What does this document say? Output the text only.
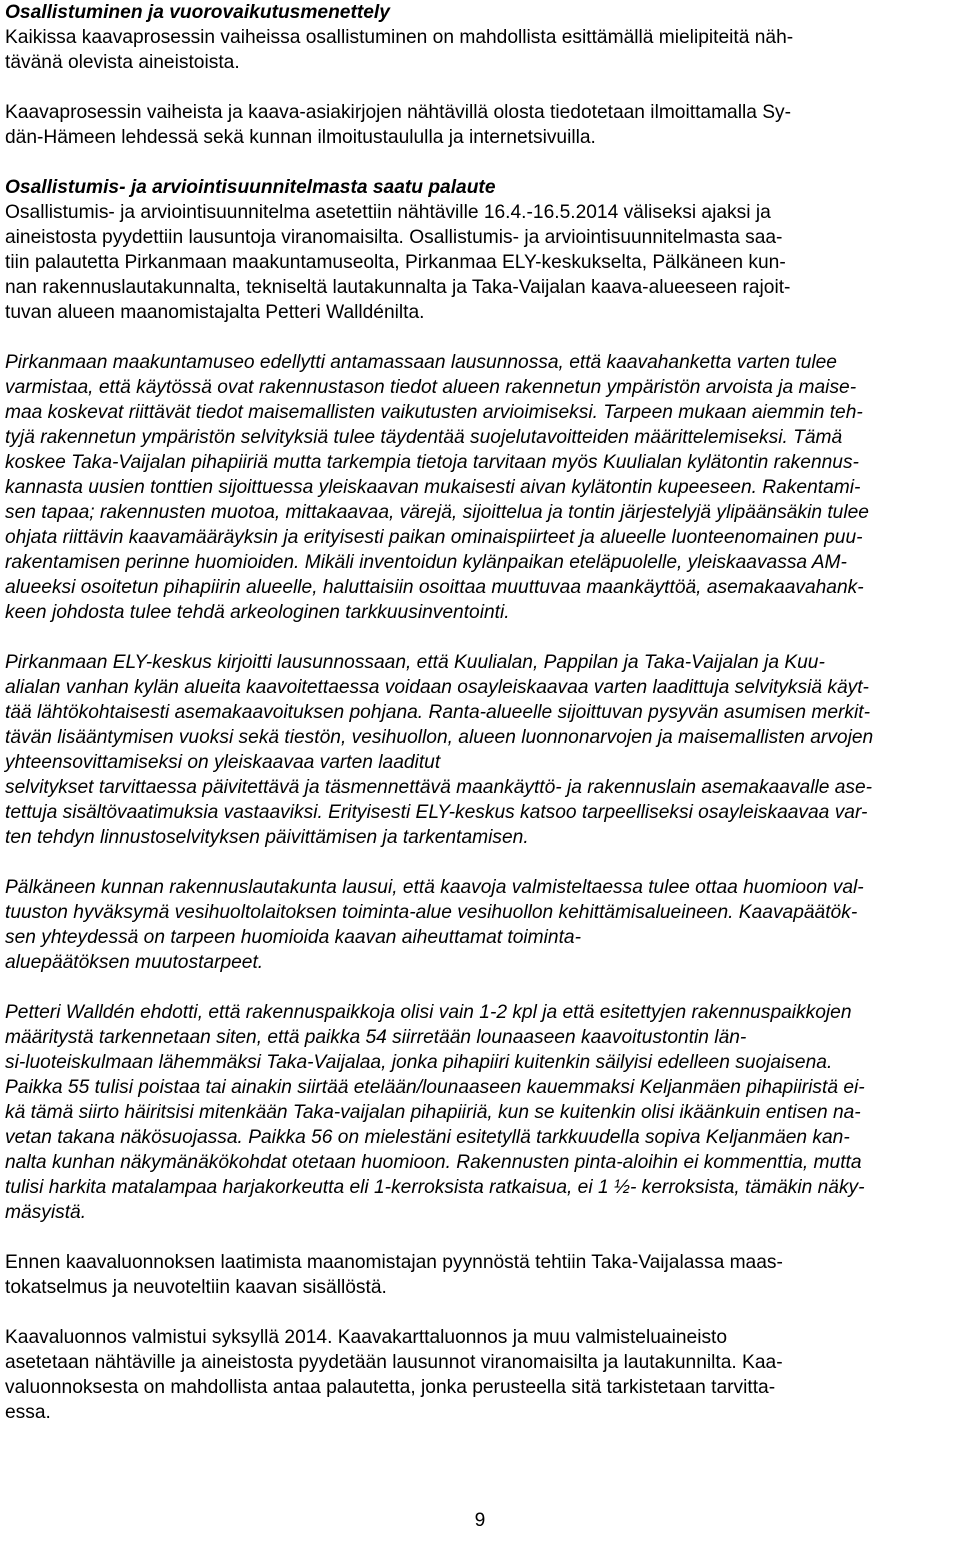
Osallistuminen ja vuorovaikutusmenettely
Kaikissa kaavaprosessin vaiheissa osallistuminen on mahdollista esittämällä mielipiteitä näh-
tävänä olevista aineistoista.
Kaavaprosessin vaiheista ja kaava-asiakirjojen nähtävillä olosta tiedotetaan ilmoittamalla Sy-
dän-Hämeen lehdessä sekä kunnan ilmoitustaululla ja internetsivuilla.
Osallistumis- ja arviointisuunnitelmasta saatu palaute
Osallistumis- ja arviointisuunnitelma asetettiin nähtäville 16.4.-16.5.2014 väliseksi ajaksi ja
aineistosta pyydettiin lausuntoja viranomaisilta. Osallistumis- ja arviointisuunnitelmasta saa-
tiin palautetta Pirkanmaan maakuntamuseolta, Pirkanmaa ELY-keskukselta, Pälkäneen kun-
nan rakennuslautakunnalta, tekniseltä lautakunnalta ja Taka-Vaijalan kaava-alueeseen rajoit-
tuvan alueen maanomistajalta Petteri Walldénilta.
Pirkanmaan maakuntamuseo edellytti antamassaan lausunnossa, että kaavahanketta varten tulee
varmistaa, että käytössä ovat rakennustason tiedot alueen rakennetun ympäristön arvoista ja maise-
maa koskevat riittävät tiedot maisemallisten vaikutusten arvioimiseksi. Tarpeen mukaan aiemmin teh-
tyjä rakennetun ympäristön selvityksiä tulee täydentää suojelutavoitteiden määrittelemiseksi. Tämä
koskee Taka-Vaijalan pihapiiriä mutta tarkempia tietoja tarvitaan myös Kuulialan kylätontin rakennus-
kannasta uusien tonttien sijoittuessa yleiskaavan mukaisesti aivan kylätontin kupeeseen. Rakentami-
sen tapaa; rakennusten muotoa, mittakaavaa, värejä, sijoittelua ja tontin järjestelyjä ylipäänsäkin tulee
ohjata riittävin kaavamääräyksin ja erityisesti paikan ominaispiirteet ja alueelle luonteenomainen puu-
rakentamisen perinne huomioiden. Mikäli inventoidun kylänpaikan eteläpuolelle, yleiskaavassa AM-
alueeksi osoitetun pihapiirin alueelle, haluttaisiin osoittaa muuttuvaa maankäyttöä, asemakaavahank-
keen johdosta tulee tehdä arkeologinen tarkkuusinventointi.
Pirkanmaan ELY-keskus kirjoitti lausunnossaan, että Kuulialan, Pappilan ja Taka-Vaijalan ja Kuu-
alialan vanhan kylän alueita kaavoitettaessa voidaan osayleiskaavaa varten laadittuja selvityksiä käyt-
tää lähtökohtaisesti asemakaavoituksen pohjana. Ranta-alueelle sijoittuvan pysyvän asumisen merkit-
tävän lisääntymisen vuoksi sekä tiestön, vesihuollon, alueen luonnonarvojen ja maisemallisten arvojen
yhteensovittamiseksi on yleiskaavaa varten laaditut
selvitykset tarvittaessa päivitettävä ja täsmennettävä maankäyttö- ja rakennuslain asemakaavalle ase-
tettuja sisältövaatimuksia vastaaviksi. Erityisesti ELY-keskus katsoo tarpeelliseksi osayleiskaavaa var-
ten tehdyn linnustoselvityksen päivittämisen ja tarkentamisen.
Pälkäneen kunnan rakennuslautakunta lausui, että kaavoja valmisteltaessa tulee ottaa huomioon val-
tuuston hyväksymä vesihuoltolaitoksen toiminta-alue vesihuollon kehittämisalueineen. Kaavapäätök-
sen yhteydessä on tarpeen huomioida kaavan aiheuttamat toiminta-
aluepäätöksen muutostarpeet.
Petteri Walldén ehdotti, että rakennuspaikkoja olisi vain 1-2 kpl ja että esitettyjen rakennuspaikkojen
määritystä tarkennetaan siten, että paikka 54 siirretään lounaaseen kaavoitustontin län-
si-luoteiskulmaan lähemmäksi Taka-Vaijalaa, jonka pihapiiri kuitenkin säilyisi edelleen suojaisena.
Paikka 55 tulisi poistaa tai ainakin siirtää etelään/lounaaseen kauemmaksi Keljanmäen pihapiiristä ei-
kä tämä siirto häiritsisi mitenkään Taka-vaijalan pihapiiriä, kun se kuitenkin olisi ikäänkuin entisen na-
vetan takana näkösuojassa. Paikka 56 on mielestäni esitetyllä tarkkuudella sopiva Keljanmäen kan-
nalta kunhan näkymänäkökohdat otetaan huomioon. Rakennusten pinta-aloihin ei kommenttia, mutta
tulisi harkita matalampaa harjakorkeutta eli 1-kerroksista ratkaisua, ei 1 ½- kerroksista, tämäkin näky-
mäsyistä.
Ennen kaavaluonnoksen laatimista maanomistajan pyynnöstä tehtiin Taka-Vaijalassa maas-
tokatselmus ja neuvoteltiin kaavan sisällöstä.
Kaavaluonnos valmistui syksyllä 2014. Kaavakarttaluonnos ja muu valmisteluaineisto
asetetaan nähtäville ja aineistosta pyydetään lausunnot viranomaisilta ja lautakunnilta. Kaa-
valuonnoksesta on mahdollista antaa palautetta, jonka perusteella sitä tarkistetaan tarvitta-
essa.
9
